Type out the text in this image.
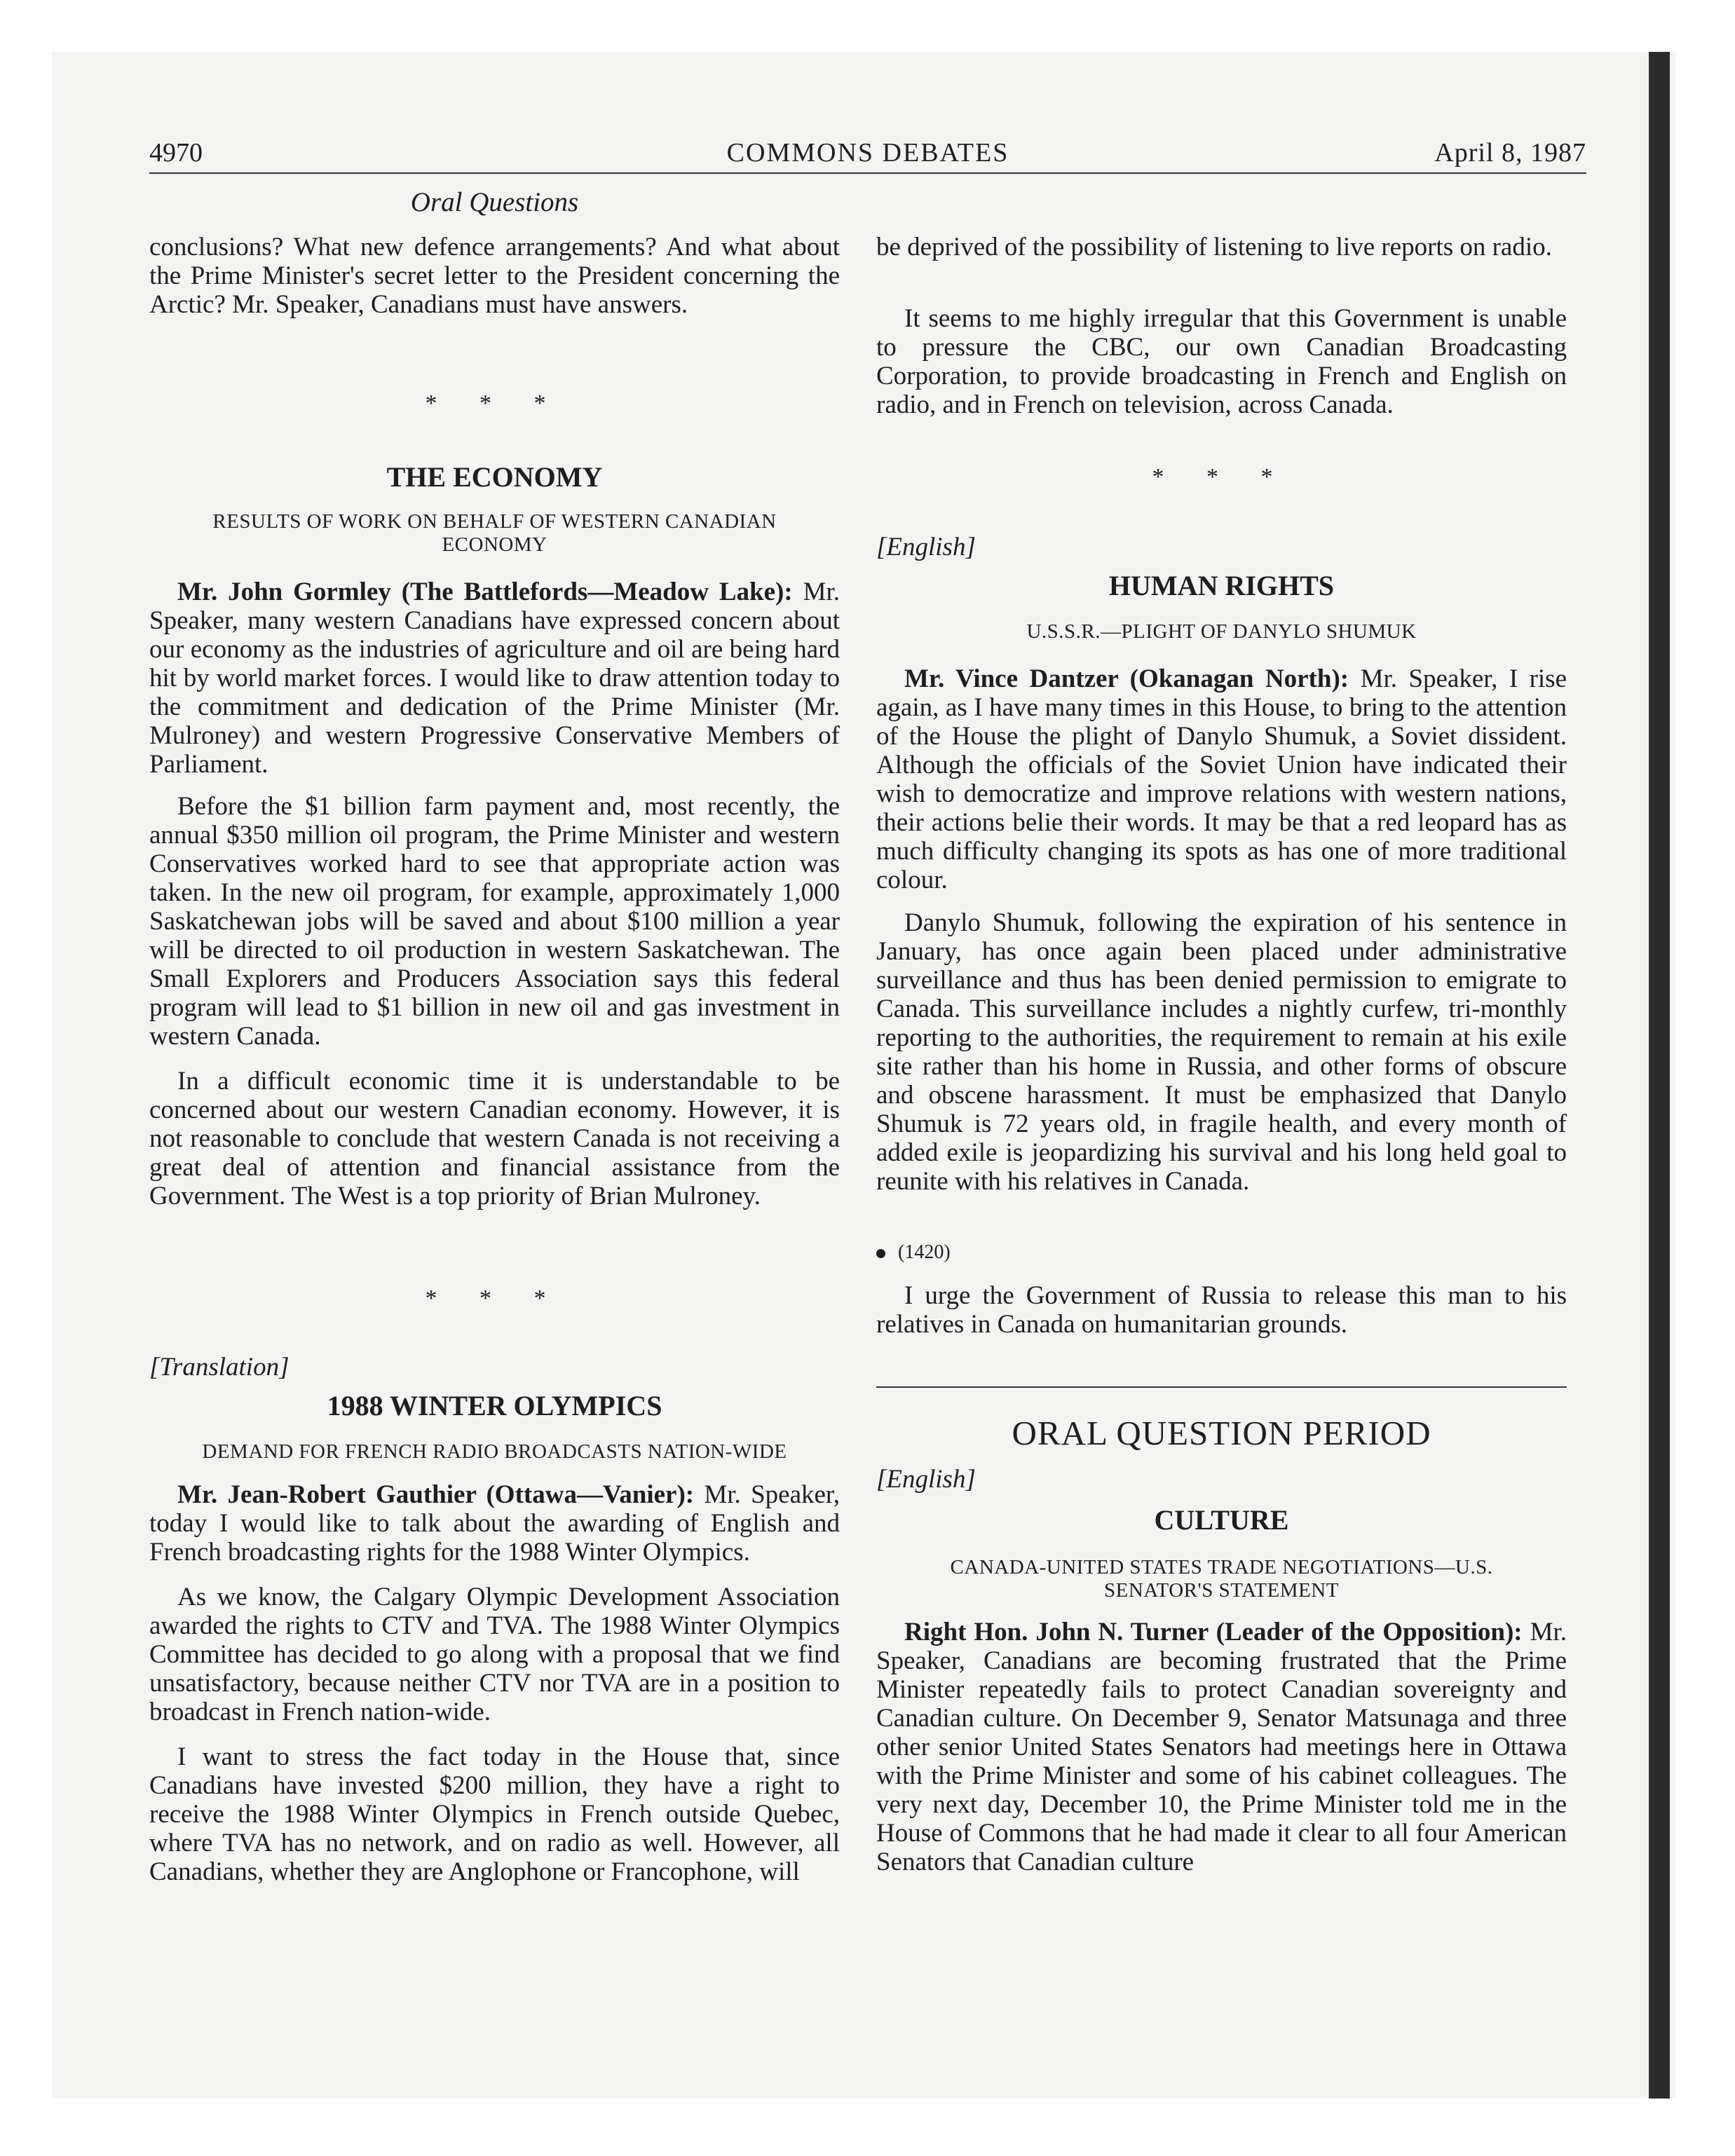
4970	COMMONS DEBATES	April 8, 1987
Oral Questions

conclusions? What new defence arrangements? And what about the Prime Minister's secret letter to the President concerning the Arctic? Mr. Speaker, Canadians must have answers.

* * *
THE ECONOMY
RESULTS OF WORK ON BEHALF OF WESTERN CANADIAN ECONOMY

Mr. John Gormley (The Battlefords—Meadow Lake): Mr. Speaker, many western Canadians have expressed concern about our economy as the industries of agriculture and oil are being hard hit by world market forces. I would like to draw attention today to the commitment and dedication of the Prime Minister (Mr. Mulroney) and western Progressive Conservative Members of Parliament.

Before the $1 billion farm payment and, most recently, the annual $350 million oil program, the Prime Minister and western Conservatives worked hard to see that appropriate action was taken. In the new oil program, for example, approximately 1,000 Saskatchewan jobs will be saved and about $100 million a year will be directed to oil production in western Saskatchewan. The Small Explorers and Producers Association says this federal program will lead to $1 billion in new oil and gas investment in western Canada.

In a difficult economic time it is understandable to be concerned about our western Canadian economy. However, it is not reasonable to conclude that western Canada is not receiving a great deal of attention and financial assistance from the Government. The West is a top priority of Brian Mulroney.

* * *
[Translation]
1988 WINTER OLYMPICS
DEMAND FOR FRENCH RADIO BROADCASTS NATION-WIDE

Mr. Jean-Robert Gauthier (Ottawa—Vanier): Mr. Speaker, today I would like to talk about the awarding of English and French broadcasting rights for the 1988 Winter Olympics.

As we know, the Calgary Olympic Development Association awarded the rights to CTV and TVA. The 1988 Winter Olympics Committee has decided to go along with a proposal that we find unsatisfactory, because neither CTV nor TVA are in a position to broadcast in French nation-wide.

I want to stress the fact today in the House that, since Canadians have invested $200 million, they have a right to receive the 1988 Winter Olympics in French outside Quebec, where TVA has no network, and on radio as well. However, all Canadians, whether they are Anglophone or Francophone, will

be deprived of the possibility of listening to live reports on radio.

It seems to me highly irregular that this Government is unable to pressure the CBC, our own Canadian Broadcasting Corporation, to provide broadcasting in French and English on radio, and in French on television, across Canada.

* * *
[English]
HUMAN RIGHTS
U.S.S.R.—PLIGHT OF DANYLO SHUMUK

Mr. Vince Dantzer (Okanagan North): Mr. Speaker, I rise again, as I have many times in this House, to bring to the attention of the House the plight of Danylo Shumuk, a Soviet dissident. Although the officials of the Soviet Union have indicated their wish to democratize and improve relations with western nations, their actions belie their words. It may be that a red leopard has as much difficulty changing its spots as has one of more traditional colour.

Danylo Shumuk, following the expiration of his sentence in January, has once again been placed under administrative surveillance and thus has been denied permission to emigrate to Canada. This surveillance includes a nightly curfew, tri-monthly reporting to the authorities, the requirement to remain at his exile site rather than his home in Russia, and other forms of obscure and obscene harassment. It must be emphasized that Danylo Shumuk is 72 years old, in fragile health, and every month of added exile is jeopardizing his survival and his long held goal to reunite with his relatives in Canada.

(1420)

I urge the Government of Russia to release this man to his relatives in Canada on humanitarian grounds.

ORAL QUESTION PERIOD
[English]
CULTURE
CANADA-UNITED STATES TRADE NEGOTIATIONS—U.S. SENATOR'S STATEMENT

Right Hon. John N. Turner (Leader of the Opposition): Mr. Speaker, Canadians are becoming frustrated that the Prime Minister repeatedly fails to protect Canadian sovereignty and Canadian culture. On December 9, Senator Matsunaga and three other senior United States Senators had meetings here in Ottawa with the Prime Minister and some of his cabinet colleagues. The very next day, December 10, the Prime Minister told me in the House of Commons that he had made it clear to all four American Senators that Canadian culture
